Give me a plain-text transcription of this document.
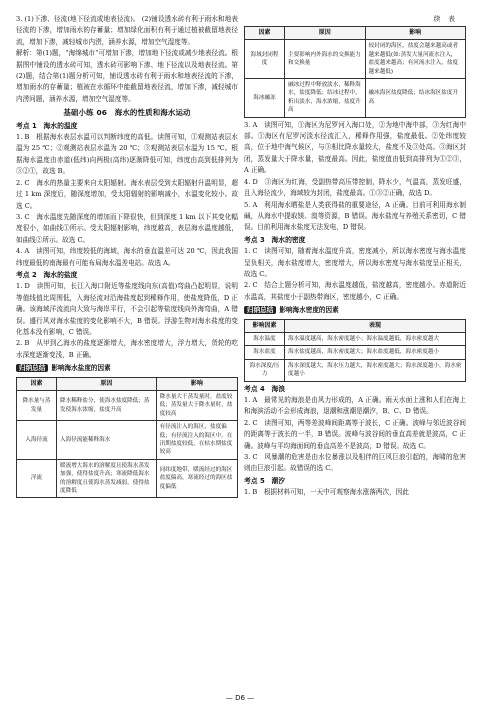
3. (1)下渗、径流(地下径流或地表径流)。 (2)铺设透水砖有利于雨水和地表径流的下渗，增加雨水的存蓄量；增加绿化面积有利于通过植被截留地表径流，增加下渗，减轻城市内涝，涵养水源，增加空气湿度等。

解析：第(1)题，“海绵城市”可增加下渗，增加地下径流或减少地表径流。根据图中铺设的透水砖可知，透水砖可影响下渗、地下径流以及地表径流。第(2)题，结合第(1)题分析可知，铺设透水砖有利于雨水和地表径流的下渗，增加雨水的存蓄量；植被在水循环中能截留地表径流，增加下渗，减轻城市内涝问题，涵养水源，增加空气湿度等。

基础小练 06　海水的性质和海水运动
考点 1　海水的温度

1. B　根据海水表层水温可以判断纬度的高低。读图可知，①观测站表层水温为 25 ℃；②观测站表层水温为 20 ℃；③观测站表层水温为 15 ℃。根据海水温度由赤道(低纬)向两极(高纬)逐渐降低可知，纬度由高到低排列为③②①，故选 B。

2. C　海水的热量主要来自太阳辐射。海水表层受到太阳辐射升温明显，超过 1 km 深度后，随深度增加，受太阳辐射的影响减小，水温变化较小。故选 C。

3. C　海水温度先随深度的增加而下降很快，但到深度 1 km 以下其变化幅度很小，如曲线①所示。受太阳辐射影响，纬度越高，表层海水温度越低，如曲线②所示。故选 C。

4. A　读图可知，纬度较低的海域，海水的垂直温差可达 20 ℃，因此我国纬度最低的南海最有可能布局海水温差电站。故选 A。

考点 2　海水的盐度

1. D　读图可知，长江入海口附近等盐度线向东(高值)弯曲凸起明显，说明等值线值比周围低，入海径流对沿海盐度起到稀释作用，使盐度降低，D 正确。该海域洋流流向大致与海岸平行，不会引起等盐度线向外海弯曲，A 错误。盛行风对海水盐度的变化影响不大，B 错误。浮游生物对海水盐度的变化基本没有影响，C 错误。

2. B　从甲到乙海水的盐度逐渐增大，海水密度增大，浮力增大，货轮的吃水深度逐渐变浅，B 正确。

归纳总结 影响海水盐度的因素
因素	原因	影响
降水量与蒸发量	降水稀释盐分，使海水盐度降低；蒸发使海水浓缩，盐度升高	降水量大于蒸发量时，盐度较低；蒸发量大于降水量时，盐度较高
入海径流	入海径流能稀释海水	有径流注入的海区，盐度偏低；有径流注入的海区中，在汛期盐度较低，在枯水期盐度较高
洋流	暖流增大海水的溶解度且使海水蒸发加强，使得盐度升高；寒流降低海水的溶解度且使海水蒸发减弱，使得盐度降低	同纬度地带，暖流经过的海区盐度偏高，寒流经过的海区盐度偏低
续 表
因素	原因	影响
海域封闭程度	主要影响内外海水的交换能力和交换量	较封闭的海区，盐度会越来越高或者越来越低(如:蒸发大量河流水注入，盐度越来越高；有河流水注入，盐度越来越低)
海冰融冻	融冰过程中释放淡水，稀释海水，盐度降低；结冰过程中，析出淡水，海水浓缩，盐度升高	融冰海区盐度降低；结冰海区盐度升高

3. A　读图可知，①海区为尼罗河入海口处，②为地中海中部，③为红海中部。①海区有尼罗河淡水径流汇入，稀释作用强，盐度最低。②处纬度较高，位于地中海气候区，与③相比降水量较大，盐度不及③处高。③海区封闭，蒸发量大于降水量，盐度最高。因此，盐度值由低到高排列为①②③，A 正确。

4. D　③海区为红海，受副热带高压带控制，降水少，气温高，蒸发旺盛，且入海径流少，海域较为封闭，盐度最高。①③②正确，故选 D。

5. A　利用海水晒盐是人类获得盐的重要途径，A 正确。目前可利用海水制碱，从海水中提取镁、溴等资源，B 错误。海水盐度与养殖关系密切，C 错误。目前利用海水盐度无法发电，D 错误。

考点 3　海水的密度

1. C　读图可知，随着海水温度升高，密度减小，所以海水密度与海水温度呈负相关，海水盐度增大，密度增大，所以海水密度与海水盐度呈正相关，故选 C。

2. C　结合上题分析可知，海水温度越低，盐度越高，密度越小。赤道附近水温高，其盐度小于副热带海区，密度越小，C 正确。

归纳总结 影响海水密度的因素
影响因素	表现
海水温度	海水温度越高，海水密度越小；海水温度越低，海水密度越大
海水盐度	海水盐度越高，海水密度越大；海水盐度越低，海水密度越小
海水深度/压力	海水深度越大，海水压力越大，海水密度越大；海水深度越小，海水密度越小
考点 4　海浪

1. A　最常见的海浪是由风力形成的，A 正确。雨天水面上涨和人们在海上和海滨活动不会形成海浪，退潮和涨潮是潮汐，B、C、D 错误。

2. C　读图可知，两等差波峰间距离等于波长，C 正确。波峰与邻近波谷间的距离等于波长的一半，B 错误。波峰与波谷间的垂直高差就是波高，C 正确。波峰与平均海面间的垂直高差不是波高，D 错误。故选 C。

3. C　风暴潮的危害是由水位暴涨以及相伴的巨风巨浪引起的，海啸的危害则由巨浪引起。故错误的选 C。

考点 5　潮汐

1. B　根据材料可知，一天中可观察海水涨落两次，因此

— D6 —
